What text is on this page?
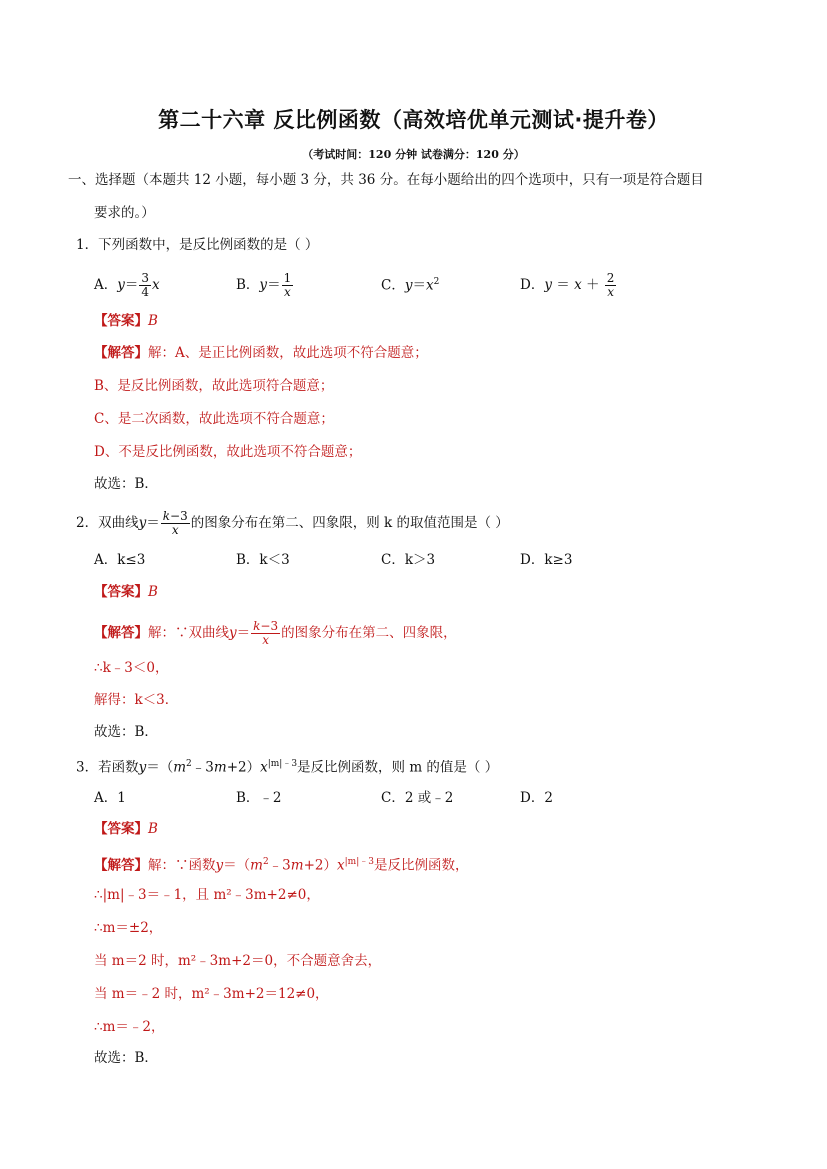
第二十六章 反比例函数（高效培优单元测试·提升卷）
（考试时间：120 分钟 试卷满分：120 分）
一、选择题（本题共 12 小题，每小题 3 分，共 36 分。在每小题给出的四个选项中，只有一项是符合题目
要求的。）
1．下列函数中，是反比例函数的是（ ）
A．$y= \frac{3}{4}$ x	B．$y= \frac{1}{x}$	C．$y=x^2$	D．$y = x + \frac{2}{x}$
【答案】B
【解答】解：A、是正比例函数，故此选项不符合题意；
B、是反比例函数，故此选项符合题意；
C、是二次函数，故此选项不符合题意；
D、不是反比例函数，故此选项不符合题意；
故选：B．
2．双曲线$y= \frac{k-3}{x}$ 的图象分布在第二、四象限，则 k 的取值范围是（ ）
A．k≤3	B．k＜3	C．k＞3	D．k≥3
【答案】B
【解答】解：∵双曲线$y= \frac{k-3}{x}$ 的图象分布在第二、四象限，
∴k﹣3＜0，
解得：k＜3．
故选：B．
3．若函数$y=(m^2﹣3m+2)x^{|m|﹣3}$是反比例函数，则 m 的值是（ ）
A．1	B．﹣2	C．2 或﹣2	D．2
【答案】B
【解答】解：∵函数$y=(m^2﹣3m+2)x^{|m|﹣3}$是反比例函数，
∴|m|﹣3＝﹣1，且 m²﹣3m+2≠0，
∴m＝±2，
当 m＝2 时，m²﹣3m+2＝0，不合题意舍去，
当 m＝﹣2 时，m²﹣3m+2＝12≠0，
∴m＝﹣2，
故选：B．
